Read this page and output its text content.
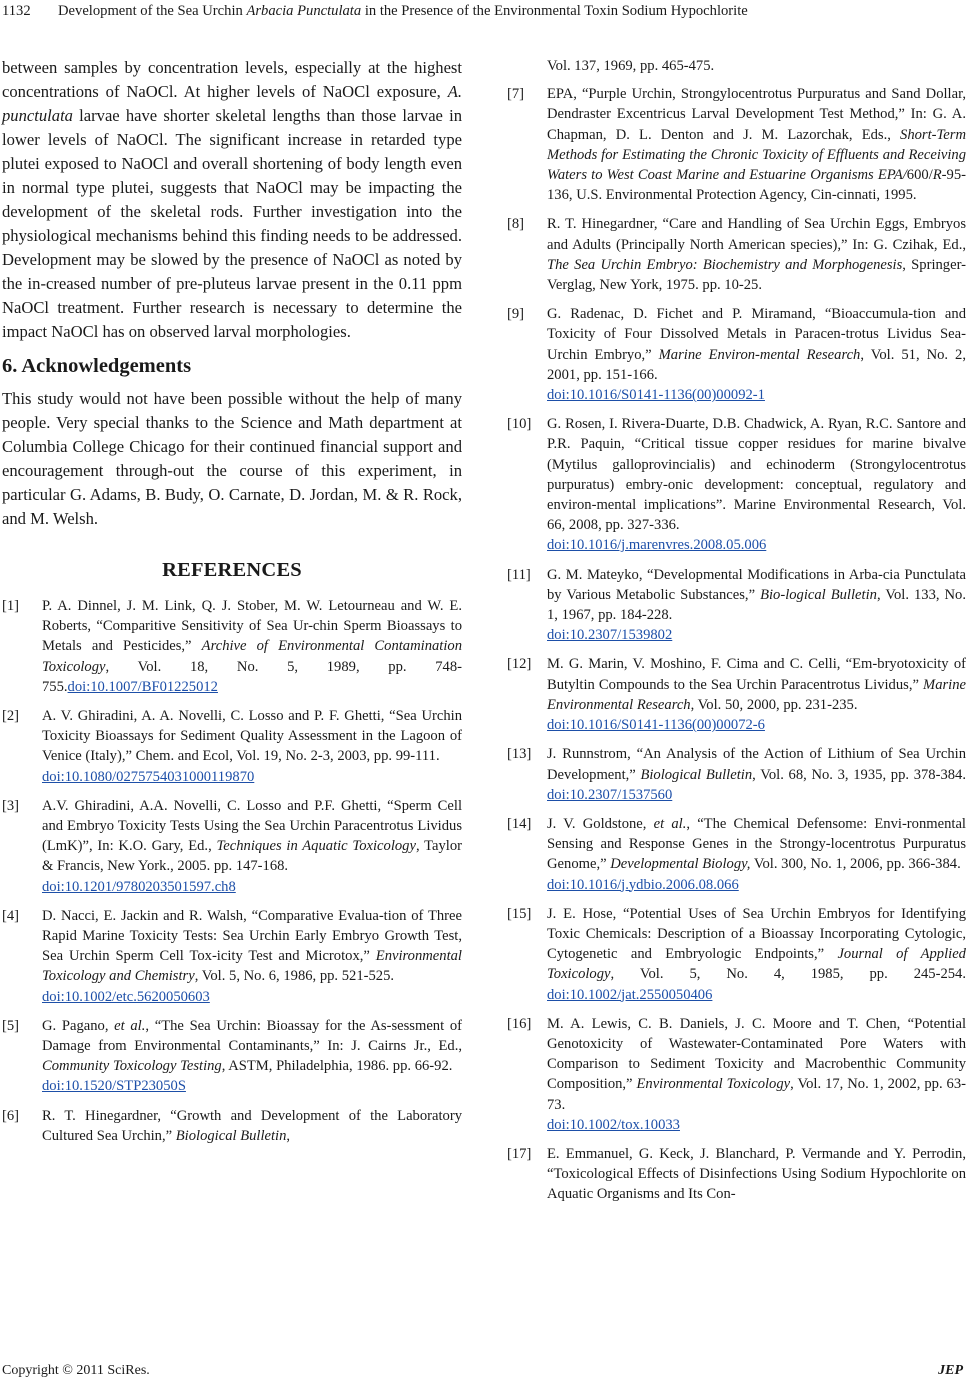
1132 Development of the Sea Urchin Arbacia Punctulata in the Presence of the Environmental Toxin Sodium Hypochlorite

between samples by concentration levels, especially at the highest concentrations of NaOCl. At higher levels of NaOCl exposure, A. punctulata larvae have shorter skeletal lengths than those larvae in lower levels of NaOCl. The significant increase in retarded type plutei exposed to NaOCl and overall shortening of body length even in normal type plutei, suggests that NaOCl may be impacting the development of the skeletal rods. Further investigation into the physiological mechanisms behind this finding needs to be addressed. Development may be slowed by the presence of NaOCl as noted by the in-creased number of pre-pluteus larvae present in the 0.11 ppm NaOCl treatment. Further research is necessary to determine the impact NaOCl has on observed larval morphologies.

6. Acknowledgements

This study would not have been possible without the help of many people. Very special thanks to the Science and Math department at Columbia College Chicago for their continued financial support and encouragement through-out the course of this experiment, in particular G. Adams, B. Budy, O. Carnate, D. Jordan, M. & R. Rock, and M. Welsh.

REFERENCES
[1] P. A. Dinnel, J. M. Link, Q. J. Stober, M. W. Letourneau and W. E. Roberts, “Comparitive Sensitivity of Sea Ur-chin Sperm Bioassays to Metals and Pesticides,” Archive of Environmental Contamination Toxicology, Vol. 18, No. 5, 1989, pp. 748-755.doi:10.1007/BF01225012
[2] A. V. Ghiradini, A. A. Novelli, C. Losso and P. F. Ghetti, “Sea Urchin Toxicity Bioassays for Sediment Quality Assessment in the Lagoon of Venice (Italy),” Chem. and Ecol, Vol. 19, No. 2-3, 2003, pp. 99-111.
doi:10.1080/0275754031000119870
[3] A.V. Ghiradini, A.A. Novelli, C. Losso and P.F. Ghetti, “Sperm Cell and Embryo Toxicity Tests Using the Sea Urchin Paracentrotus Lividus (LmK)”, In: K.O. Gary, Ed., Techniques in Aquatic Toxicology, Taylor & Francis, New York., 2005. pp. 147-168.
doi:10.1201/9780203501597.ch8
[4] D. Nacci, E. Jackin and R. Walsh, “Comparative Evalua-tion of Three Rapid Marine Toxicity Tests: Sea Urchin Early Embryo Growth Test, Sea Urchin Sperm Cell Tox-icity Test and Microtox,” Environmental Toxicology and Chemistry, Vol. 5, No. 6, 1986, pp. 521-525.
doi:10.1002/etc.5620050603
[5] G. Pagano, et al., “The Sea Urchin: Bioassay for the As-sessment of Damage from Environmental Contaminants,” In: J. Cairns Jr., Ed., Community Toxicology Testing, ASTM, Philadelphia, 1986. pp. 66-92.
doi:10.1520/STP23050S
[6] R. T. Hinegardner, “Growth and Development of the Laboratory Cultured Sea Urchin,” Biological Bulletin,
Vol. 137, 1969, pp. 465-475.
[7] EPA, “Purple Urchin, Strongylocentrotus Purpuratus and Sand Dollar, Dendraster Excentricus Larval Development Test Method,” In: G. A. Chapman, D. L. Denton and J. M. Lazorchak, Eds., Short-Term Methods for Estimating the Chronic Toxicity of Effluents and Receiving Waters to West Coast Marine and Estuarine Organisms EPA/600/R-95-136, U.S. Environmental Protection Agency, Cin-cinnati, 1995.
[8] R. T. Hinegardner, “Care and Handling of Sea Urchin Eggs, Embryos and Adults (Principally North American species),” In: G. Czihak, Ed., The Sea Urchin Embryo: Biochemistry and Morphogenesis, Springer-Verglag, New York, 1975. pp. 10-25.
[9] G. Radenac, D. Fichet and P. Miramand, “Bioaccumula-tion and Toxicity of Four Dissolved Metals in Paracen-trotus Lividus Sea-Urchin Embryo,” Marine Environ-mental Research, Vol. 51, No. 2, 2001, pp. 151-166.
doi:10.1016/S0141-1136(00)00092-1
[10] G. Rosen, I. Rivera-Duarte, D.B. Chadwick, A. Ryan, R.C. Santore and P.R. Paquin, “Critical tissue copper residues for marine bivalve (Mytilus galloprovincialis) and echinoderm (Strongylocentrotus purpuratus) embry-onic development: conceptual, regulatory and environ-mental implications”. Marine Environmental Research, Vol. 66, 2008, pp. 327-336.
doi:10.1016/j.marenvres.2008.05.006
[11] G. M. Mateyko, “Developmental Modifications in Arba-cia Punctulata by Various Metabolic Substances,” Bio-logical Bulletin, Vol. 133, No. 1, 1967, pp. 184-228.
doi:10.2307/1539802
[12] M. G. Marin, V. Moshino, F. Cima and C. Celli, “Em-bryotoxicity of Butyltin Compounds to the Sea Urchin Paracentrotus Lividus,” Marine Environmental Research, Vol. 50, 2000, pp. 231-235.
doi:10.1016/S0141-1136(00)00072-6
[13] J. Runnstrom, “An Analysis of the Action of Lithium of Sea Urchin Development,” Biological Bulletin, Vol. 68, No. 3, 1935, pp. 378-384. doi:10.2307/1537560
[14] J. V. Goldstone, et al., “The Chemical Defensome: Envi-ronmental Sensing and Response Genes in the Strongy-locentrotus Purpuratus Genome,” Developmental Biology, Vol. 300, No. 1, 2006, pp. 366-384.
doi:10.1016/j.ydbio.2006.08.066
[15] J. E. Hose, “Potential Uses of Sea Urchin Embryos for Identifying Toxic Chemicals: Description of a Bioassay Incorporating Cytologic, Cytogenetic and Embryologic Endpoints,” Journal of Applied Toxicology, Vol. 5, No. 4, 1985, pp. 245-254. doi:10.1002/jat.2550050406
[16] M. A. Lewis, C. B. Daniels, J. C. Moore and T. Chen, “Potential Genotoxicity of Wastewater-Contaminated Pore Waters with Comparison to Sediment Toxicity and Macrobenthic Community Composition,” Environmental Toxicology, Vol. 17, No. 1, 2002, pp. 63-73.
doi:10.1002/tox.10033
[17] E. Emmanuel, G. Keck, J. Blanchard, P. Vermande and Y. Perrodin, “Toxicological Effects of Disinfections Using Sodium Hypochlorite on Aquatic Organisms and Its Con-
Copyright © 2011 SciRes.	JEP
